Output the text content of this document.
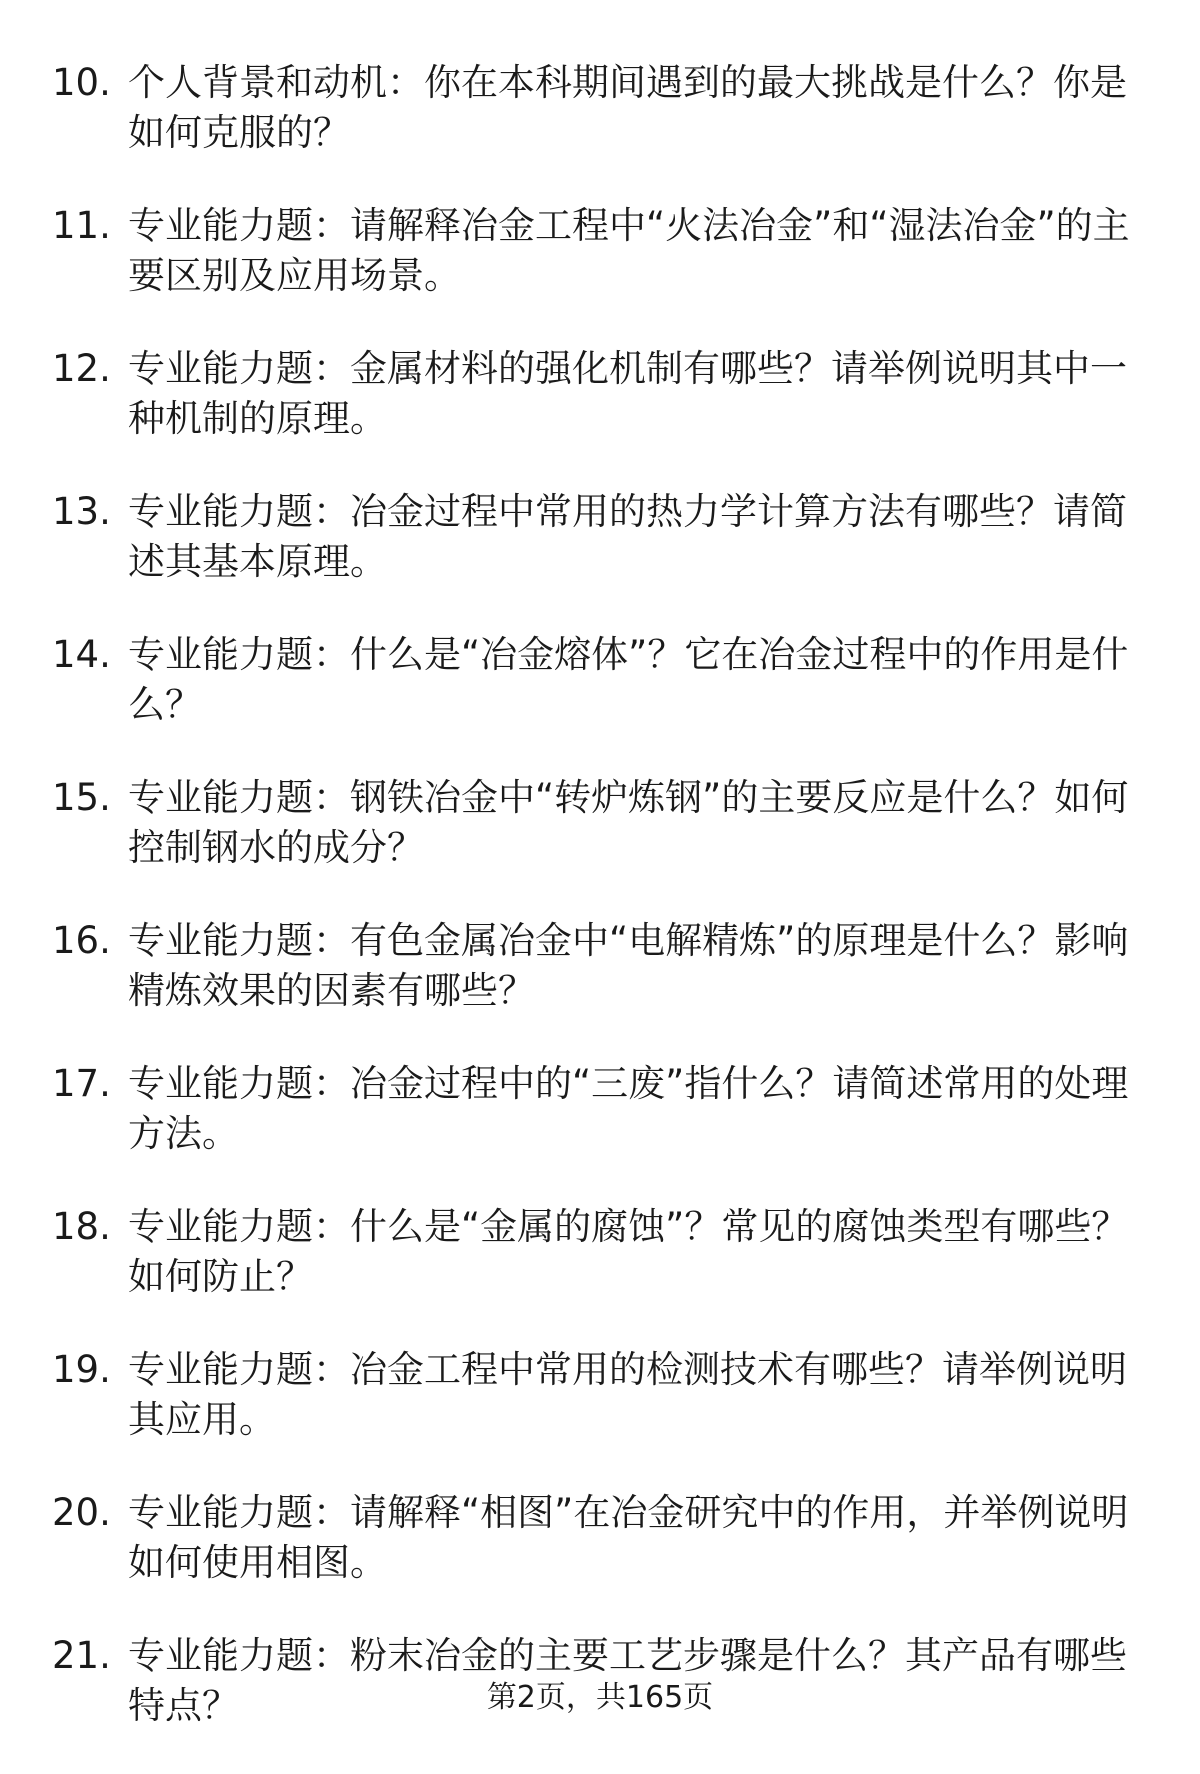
10. 个人背景和动机：你在本科期间遇到的最大挑战是什么？你是如何克服的？
11. 专业能力题：请解释冶金工程中“火法冶金”和“湿法冶金”的主要区别及应用场景。
12. 专业能力题：金属材料的强化机制有哪些？请举例说明其中一种机制的原理。
13. 专业能力题：冶金过程中常用的热力学计算方法有哪些？请简述其基本原理。
14. 专业能力题：什么是“冶金熔体”？它在冶金过程中的作用是什么？
15. 专业能力题：钢铁冶金中“转炉炼钢”的主要反应是什么？如何控制钢水的成分？
16. 专业能力题：有色金属冶金中“电解精炼”的原理是什么？影响精炼效果的因素有哪些？
17. 专业能力题：冶金过程中的“三废”指什么？请简述常用的处理方法。
18. 专业能力题：什么是“金属的腐蚀”？常见的腐蚀类型有哪些？如何防止？
19. 专业能力题：冶金工程中常用的检测技术有哪些？请举例说明其应用。
20. 专业能力题：请解释“相图”在冶金研究中的作用，并举例说明如何使用相图。
21. 专业能力题：粉末冶金的主要工艺步骤是什么？其产品有哪些特点？	第2页，共165页
